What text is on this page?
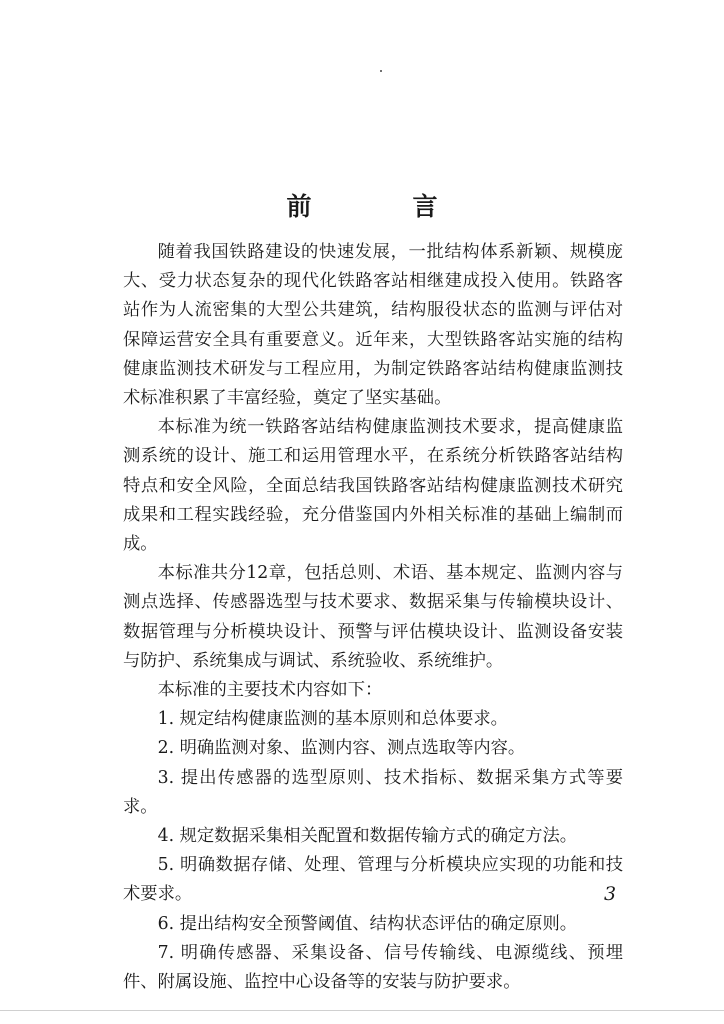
前　言

随着我国铁路建设的快速发展，一批结构体系新颖、规模庞大、受力状态复杂的现代化铁路客站相继建成投入使用。铁路客站作为人流密集的大型公共建筑，结构服役状态的监测与评估对保障运营安全具有重要意义。近年来，大型铁路客站实施的结构健康监测技术研发与工程应用，为制定铁路客站结构健康监测技术标准积累了丰富经验，奠定了坚实基础。

本标准为统一铁路客站结构健康监测技术要求，提高健康监测系统的设计、施工和运用管理水平，在系统分析铁路客站结构特点和安全风险，全面总结我国铁路客站结构健康监测技术研究成果和工程实践经验，充分借鉴国内外相关标准的基础上编制而成。

本标准共分12章，包括总则、术语、基本规定、监测内容与测点选择、传感器选型与技术要求、数据采集与传输模块设计、数据管理与分析模块设计、预警与评估模块设计、监测设备安装与防护、系统集成与调试、系统验收、系统维护。

本标准的主要技术内容如下：

1. 规定结构健康监测的基本原则和总体要求。

2. 明确监测对象、监测内容、测点选取等内容。

3. 提出传感器的选型原则、技术指标、数据采集方式等要求。

4. 规定数据采集相关配置和数据传输方式的确定方法。

5. 明确数据存储、处理、管理与分析模块应实现的功能和技术要求。

6. 提出结构安全预警阈值、结构状态评估的确定原则。

7. 明确传感器、采集设备、信号传输线、电源缆线、预埋件、附属设施、监控中心设备等的安装与防护要求。

3
